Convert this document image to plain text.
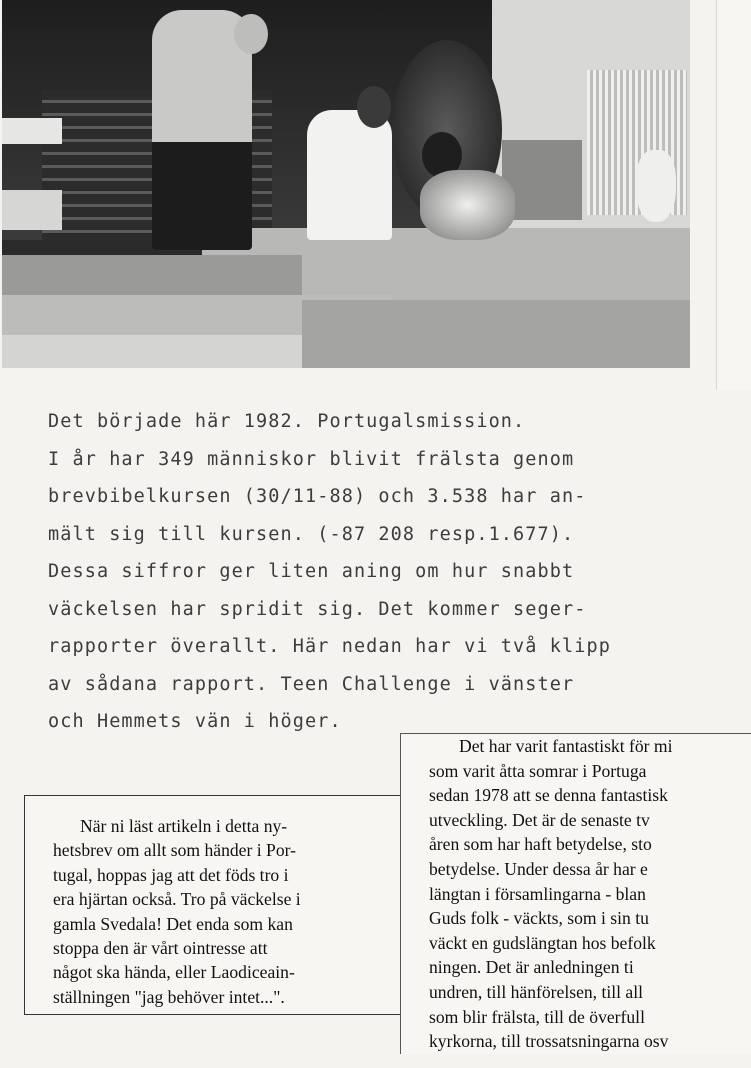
Det började här 1982. Portugalsmission.
I år har 349 människor blivit frälsta genom
brevbibelkursen (30/11-88) och 3.538 har an-
mält sig till kursen. (-87 208 resp.1.677).
Dessa siffror ger liten aning om hur snabbt
väckelsen har spridit sig. Det kommer seger-
rapporter överallt. Här nedan har vi två klipp
av sådana rapport. Teen Challenge i vänster
och Hemmets vän i höger.
När ni läst artikeln i detta ny-
hetsbrev om allt som händer i Por-
tugal, hoppas jag att det föds tro i
era hjärtan också. Tro på väckelse i
gamla Svedala! Det enda som kan
stoppa den är vårt ointresse att
något ska hända, eller Laodiceain-
ställningen "jag behöver intet...".
Det har varit fantastiskt för mi
som varit åtta somrar i Portuga
sedan 1978 att se denna fantastisk
utveckling. Det är de senaste tv
åren som har haft betydelse, sto
betydelse. Under dessa år har e
längtan i församlingarna - blan
Guds folk - väckts, som i sin tu
väckt en gudslängtan hos befolk
ningen. Det är anledningen ti
undren, till hänförelsen, till all
som blir frälsta, till de överfull
kyrkorna, till trossatsningarna osv
